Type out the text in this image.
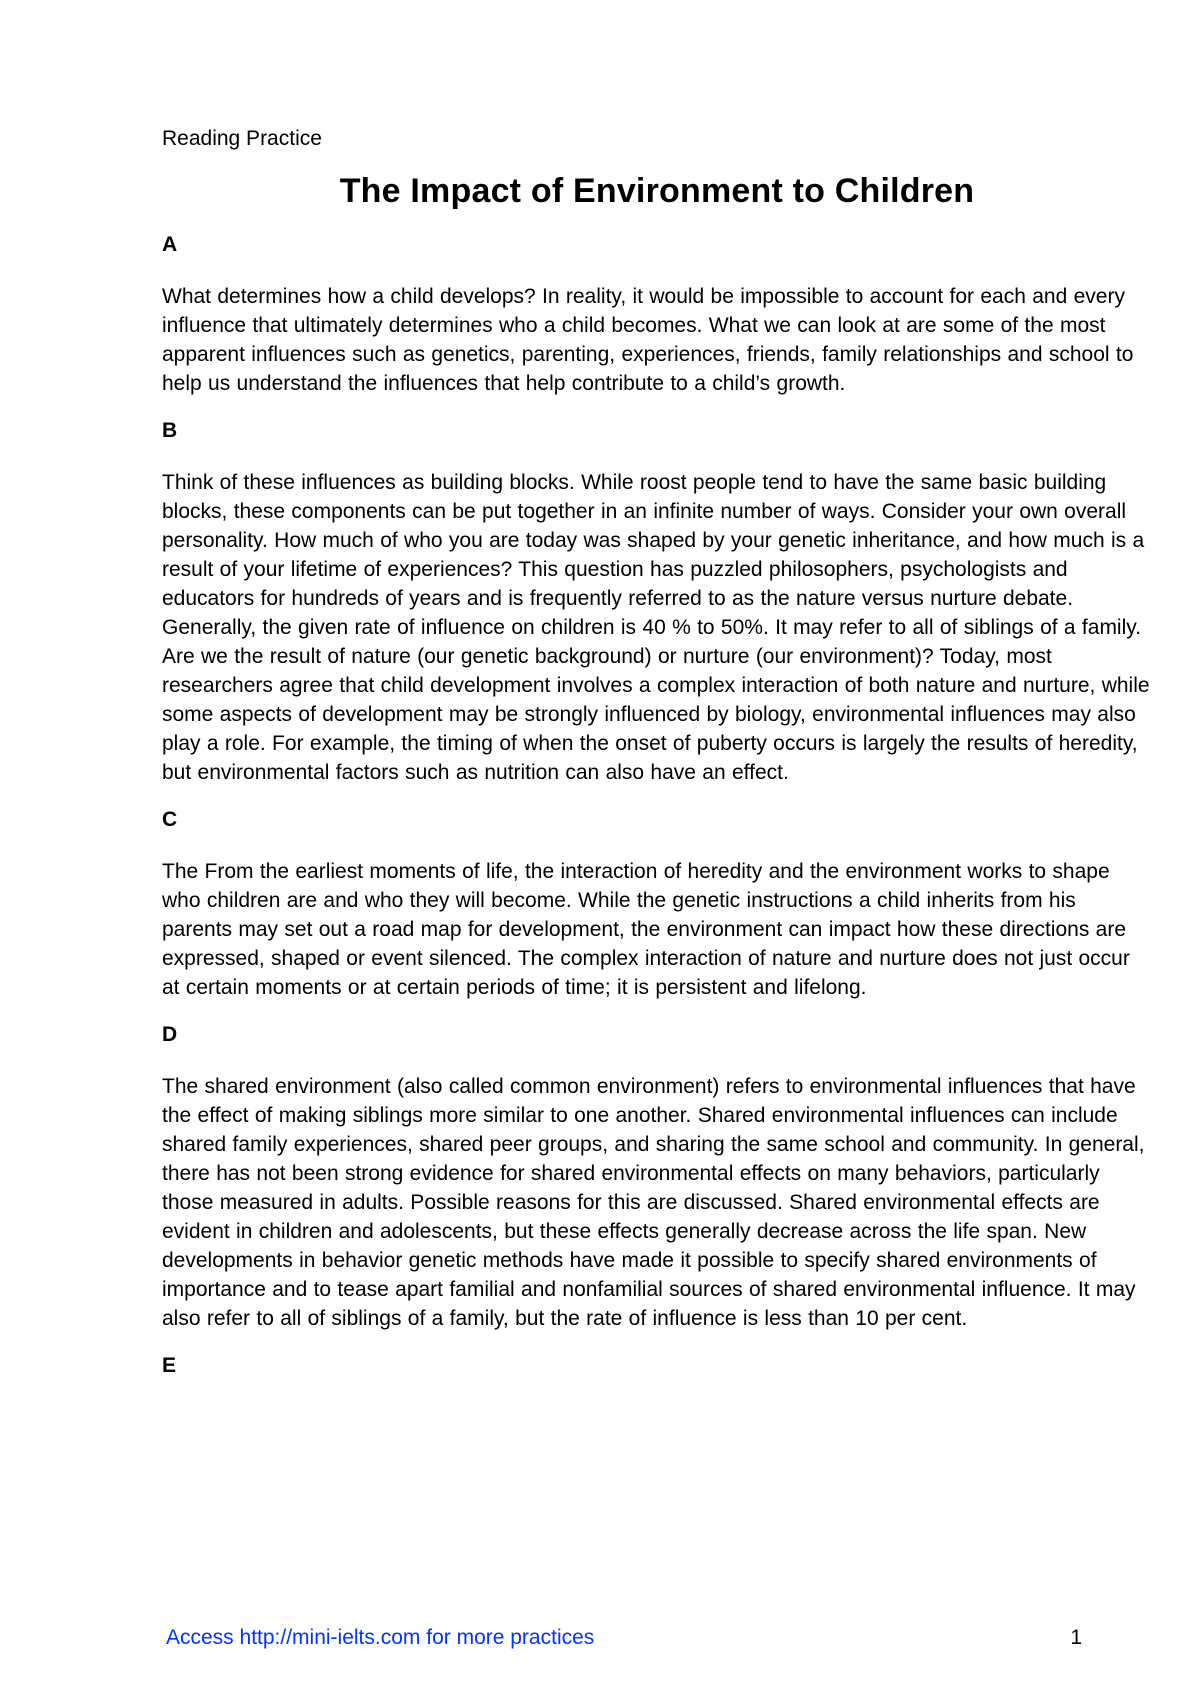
Reading Practice

The Impact of Environment to Children

A

What determines how a child develops? In reality, it would be impossible to account for each and every influence that ultimately determines who a child becomes. What we can look at are some of the most apparent influences such as genetics, parenting, experiences, friends, family relationships and school to help us understand the influences that help contribute to a child’s growth.

B

Think of these influences as building blocks. While roost people tend to have the same basic building blocks, these components can be put together in an infinite number of ways. Consider your own overall personality. How much of who you are today was shaped by your genetic inheritance, and how much is a result of your lifetime of experiences? This question has puzzled philosophers, psychologists and educators for hundreds of years and is frequently referred to as the nature versus nurture debate. Generally, the given rate of influence on children is 40 % to 50%. It may refer to all of siblings of a family. Are we the result of nature (our genetic background) or nurture (our environment)? Today, most researchers agree that child development involves a complex interaction of both nature and nurture, while some aspects of development may be strongly influenced by biology, environmental influences may also play a role. For example, the timing of when the onset of puberty occurs is largely the results of heredity, but environmental factors such as nutrition can also have an effect.

C

The From the earliest moments of life, the interaction of heredity and the environment works to shape who children are and who they will become. While the genetic instructions a child inherits from his parents may set out a road map for development, the environment can impact how these directions are expressed, shaped or event silenced. The complex interaction of nature and nurture does not just occur at certain moments or at certain periods of time; it is persistent and lifelong.

D

The shared environment (also called common environment) refers to environmental influences that have the effect of making siblings more similar to one another. Shared environmental influences can include shared family experiences, shared peer groups, and sharing the same school and community. In general, there has not been strong evidence for shared environmental effects on many behaviors, particularly those measured in adults. Possible reasons for this are discussed. Shared environmental effects are evident in children and adolescents, but these effects generally decrease across the life span. New developments in behavior genetic methods have made it possible to specify shared environments of importance and to tease apart familial and nonfamilial sources of shared environmental influence. It may also refer to all of siblings of a family, but the rate of influence is less than 10 per cent.

E

Access http://mini-ielts.com for more practices	1
